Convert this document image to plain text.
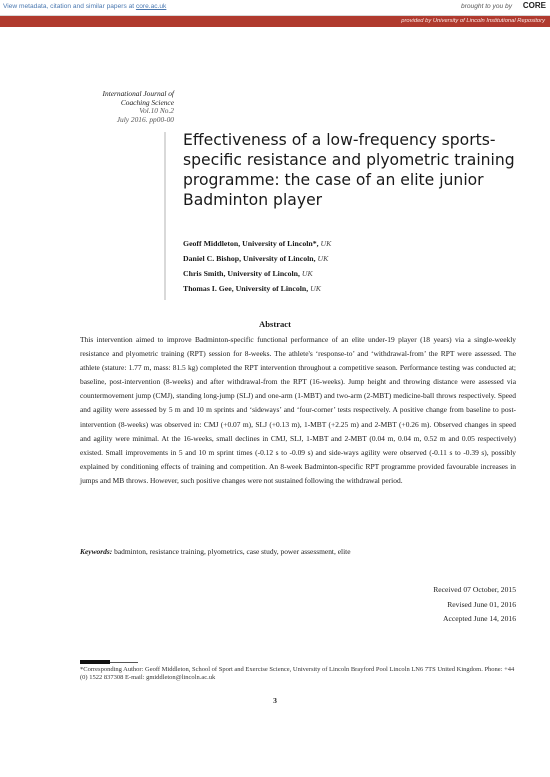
View metadata, citation and similar papers at core.ac.uk	brought to you by CORE
provided by University of Lincoln Institutional Repository
International Journal of
Coaching Science
Vol.10 No.2
July 2016. pp00-00
Effectiveness of a low-frequency sports-specific resistance and plyometric training programme: the case of an elite junior Badminton player
Geoff Middleton, University of Lincoln*, UK
Daniel C. Bishop, University of Lincoln, UK
Chris Smith, University of Lincoln, UK
Thomas I. Gee, University of Lincoln, UK
Abstract
This intervention aimed to improve Badminton-specific functional performance of an elite under-19 player (18 years) via a single-weekly resistance and plyometric training (RPT) session for 8-weeks. The athlete's ‘response-to’ and ‘withdrawal-from’ the RPT were assessed. The athlete (stature: 1.77 m, mass: 81.5 kg) completed the RPT intervention throughout a competitive season. Performance testing was conducted at; baseline, post-intervention (8-weeks) and after withdrawal-from the RPT (16-weeks). Jump height and throwing distance were assessed via countermovement jump (CMJ), standing long-jump (SLJ) and one-arm (1-MBT) and two-arm (2-MBT) medicine-ball throws respectively. Speed and agility were assessed by 5 m and 10 m sprints and ‘sideways’ and ‘four-corner’ tests respectively. A positive change from baseline to post-intervention (8-weeks) was observed in: CMJ (+0.07 m), SLJ (+0.13 m), 1-MBT (+2.25 m) and 2-MBT (+0.26 m). Observed changes in speed and agility were minimal. At the 16-weeks, small declines in CMJ, SLJ, 1-MBT and 2-MBT (0.04 m, 0.04 m, 0.52 m and 0.05 respectively) existed. Small improvements in 5 and 10 m sprint times (-0.12 s to -0.09 s) and side-ways agility were observed (-0.11 s to -0.39 s), possibly explained by conditioning effects of training and competition. An 8-week Badminton-specific RPT programme provided favourable increases in jumps and MB throws. However, such positive changes were not sustained following the withdrawal period.
Keywords: badminton, resistance training, plyometrics, case study, power assessment, elite
Received 07 October, 2015
Revised June 01, 2016
Accepted June 14, 2016
*Corresponding Author: Geoff Middleton, School of Sport and Exercise Science, University of Lincoln Brayford Pool Lincoln LN6 7TS United Kingdom. Phone: +44 (0) 1522 837308 E-mail: gmiddleton@lincoln.ac.uk
3
